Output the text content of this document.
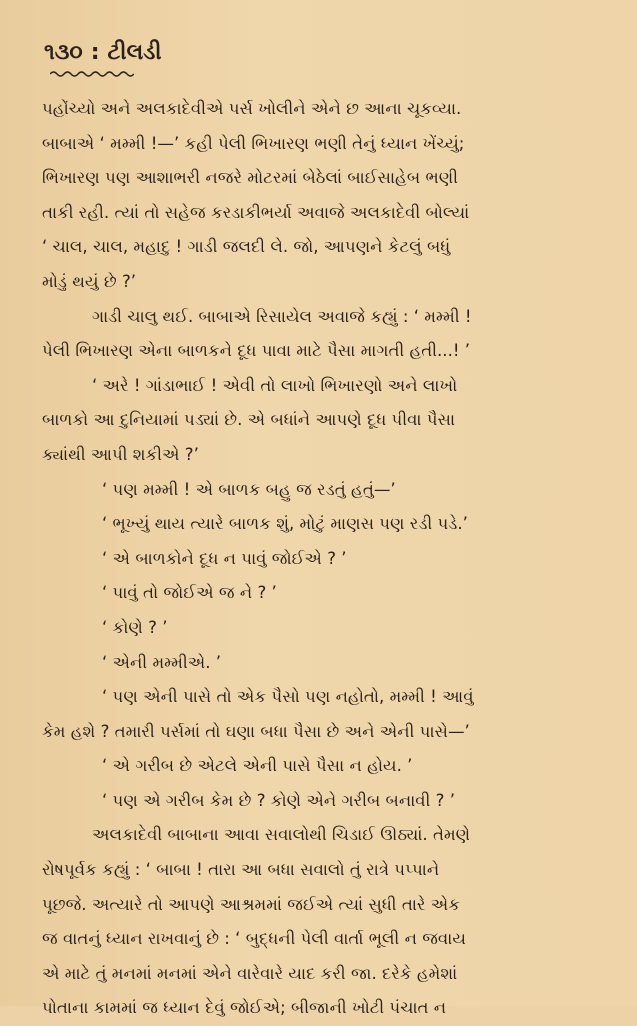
૧૩૦ : ટીલડી
પહોંચ્યો અને અલકાદેવીએ પર્સ ખોલીને એને છ આના ચૂકવ્યા.
બાબાએ ‘ મમ્મી !—’ કહી પેલી ભિખારણ ભણી તેનું ધ્યાન ખેંચ્યું;
ભિખારણ પણ આશાભરી નજરે મોટરમાં બેઠેલાં બાઈસાહેબ ભણી
તાકી રહી. ત્યાં તો સહેજ કરડાકીભર્યા અવાજે અલકાદેવી બોલ્યાં
‘ ચાલ, ચાલ, મહાદુ ! ગાડી જલદી લે. જો, આપણને કેટલું બધું
મોડું થયું છે ?’
ગાડી ચાલુ થઈ. બાબાએ રિસાયેલ અવાજે કહ્યું : ‘ મમ્મી !
પેલી ભિખારણ એના બાળકને દૂધ પાવા માટે પૈસા માગતી હતી...! ’
‘ અરે ! ગાંડાભાઈ ! એવી તો લાખો ભિખારણો અને લાખો
બાળકો આ દુનિયામાં પડ્યાં છે. એ બધાંને આપણે દૂધ પીવા પૈસા
ક્યાંથી આપી શકીએ ?’
‘ પણ મમ્મી ! એ બાળક બહુ જ રડતું હતું—’
‘ ભૂખ્યું થાય ત્યારે બાળક શું, મોટું માણસ પણ રડી પડે.’
‘ એ બાળકોને દૂધ ન પાવું જોઈએ ? ’
‘ પાવું તો જોઈએ જ ને ? ’
‘ કોણે ? ’
‘ એની મમ્મીએ. ’
‘ પણ એની પાસે તો એક પૈસો પણ નહોતો, મમ્મી ! આવું
કેમ હશે ? તમારી પર્સમાં તો ઘણા બધા પૈસા છે અને એની પાસે—’
‘ એ ગરીબ છે એટલે એની પાસે પૈસા ન હોય. ’
‘ પણ એ ગરીબ કેમ છે ? કોણે એને ગરીબ બનાવી ? ’
અલકાદેવી બાબાના આવા સવાલોથી ચિડાઈ ઊઠ્યાં. તેમણે
રોષપૂર્વક કહ્યું : ‘ બાબા ! તારા આ બધા સવાલો તું રાત્રે પપ્પાને
પૂછજે. અત્યારે તો આપણે આશ્રમમાં જઈએ ત્યાં સુધી તારે એક
જ વાતનું ધ્યાન રાખવાનું છે : ‘ બુદ્ધની પેલી વાર્તા ભૂલી ન જવાય
એ માટે તું મનમાં મનમાં એને વારેવારે યાદ કરી જા. દરેકે હમેશાં
પોતાના કામમાં જ ધ્યાન દેવું જોઈએ; બીજાની ખોટી પંચાત ન
